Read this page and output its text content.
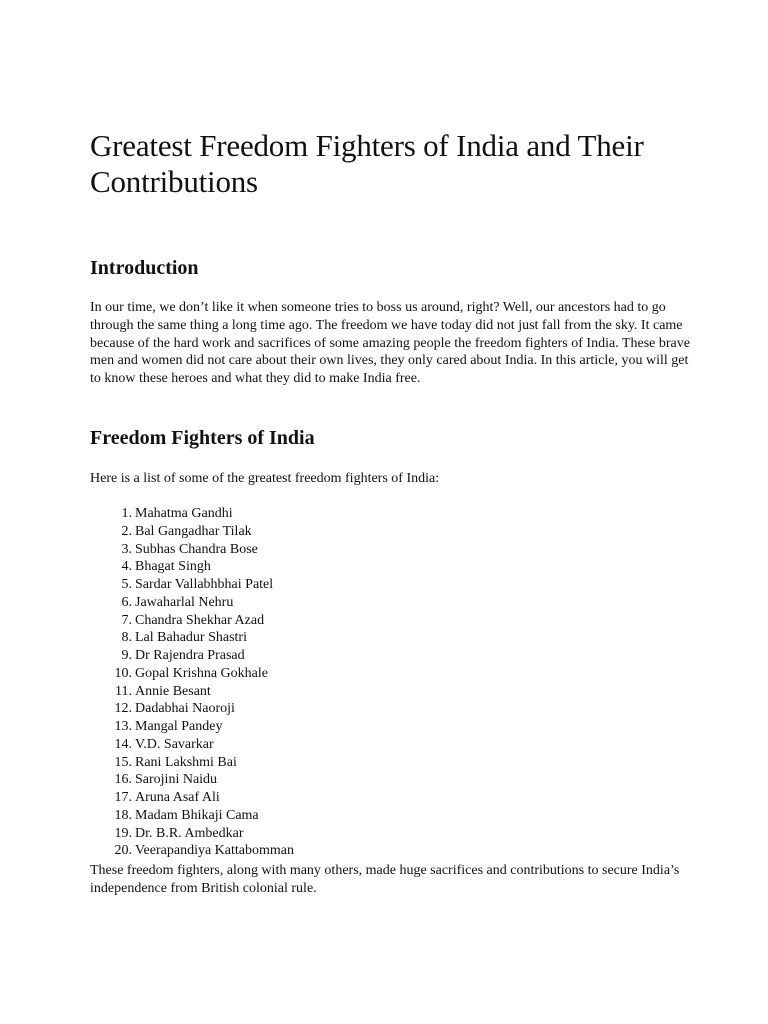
Greatest Freedom Fighters of India and Their Contributions
Introduction

In our time, we don’t like it when someone tries to boss us around, right? Well, our ancestors had to go through the same thing a long time ago. The freedom we have today did not just fall from the sky. It came because of the hard work and sacrifices of some amazing people the freedom fighters of India. These brave men and women did not care about their own lives, they only cared about India. In this article, you will get to know these heroes and what they did to make India free.

Freedom Fighters of India

Here is a list of some of the greatest freedom fighters of India:

1. Mahatma Gandhi
2. Bal Gangadhar Tilak
3. Subhas Chandra Bose
4. Bhagat Singh
5. Sardar Vallabhbhai Patel
6. Jawaharlal Nehru
7. Chandra Shekhar Azad
8. Lal Bahadur Shastri
9. Dr Rajendra Prasad
10. Gopal Krishna Gokhale
11. Annie Besant
12. Dadabhai Naoroji
13. Mangal Pandey
14. V.D. Savarkar
15. Rani Lakshmi Bai
16. Sarojini Naidu
17. Aruna Asaf Ali
18. Madam Bhikaji Cama
19. Dr. B.R. Ambedkar
20. Veerapandiya Kattabomman

These freedom fighters, along with many others, made huge sacrifices and contributions to secure India’s independence from British colonial rule.
